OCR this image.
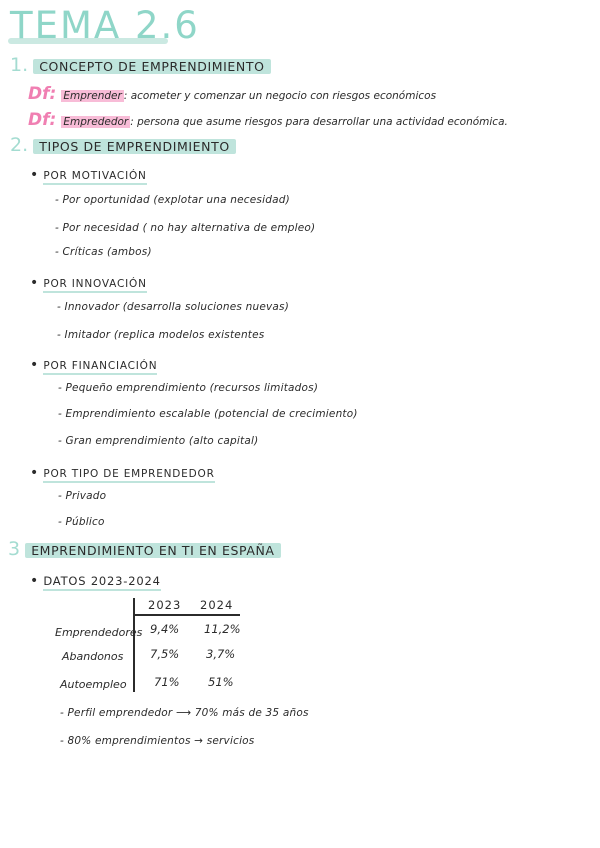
TEMA 2.6
1. CONCEPTO DE EMPRENDIMIENTO
Df: Emprender : acometer y comenzar un negocio con riesgos económicos
Df: Emprededor : persona que asume riesgos para desarrollar una actividad económica.
2. TIPOS DE EMPRENDIMIENTO
• POR MOTIVACIÓN
- Por oportunidad (explotar una necesidad)
- Por necesidad ( no hay alternativa de empleo)
- Críticas (ambos)
• POR INNOVACIÓN
- Innovador (desarrolla soluciones nuevas)
- Imitador (replica modelos existentes
• POR FINANCIACIÓN
- Pequeño emprendimiento (recursos limitados)
- Emprendimiento escalable (potencial de crecimiento)
- Gran emprendimiento (alto capital)
• POR TIPO DE EMPRENDEDOR
- Privado
- Público
3 EMPRENDIMIENTO EN TI EN ESPAÑA
• DATOS 2023-2024
2023 2024
Emprendedores 9,4% 11,2%
Abandonos 7,5% 3,7%
Autoempleo 71% 51%
- Perfil emprendedor ⟶ 70% más de 35 años
- 80% emprendimientos → servicios
